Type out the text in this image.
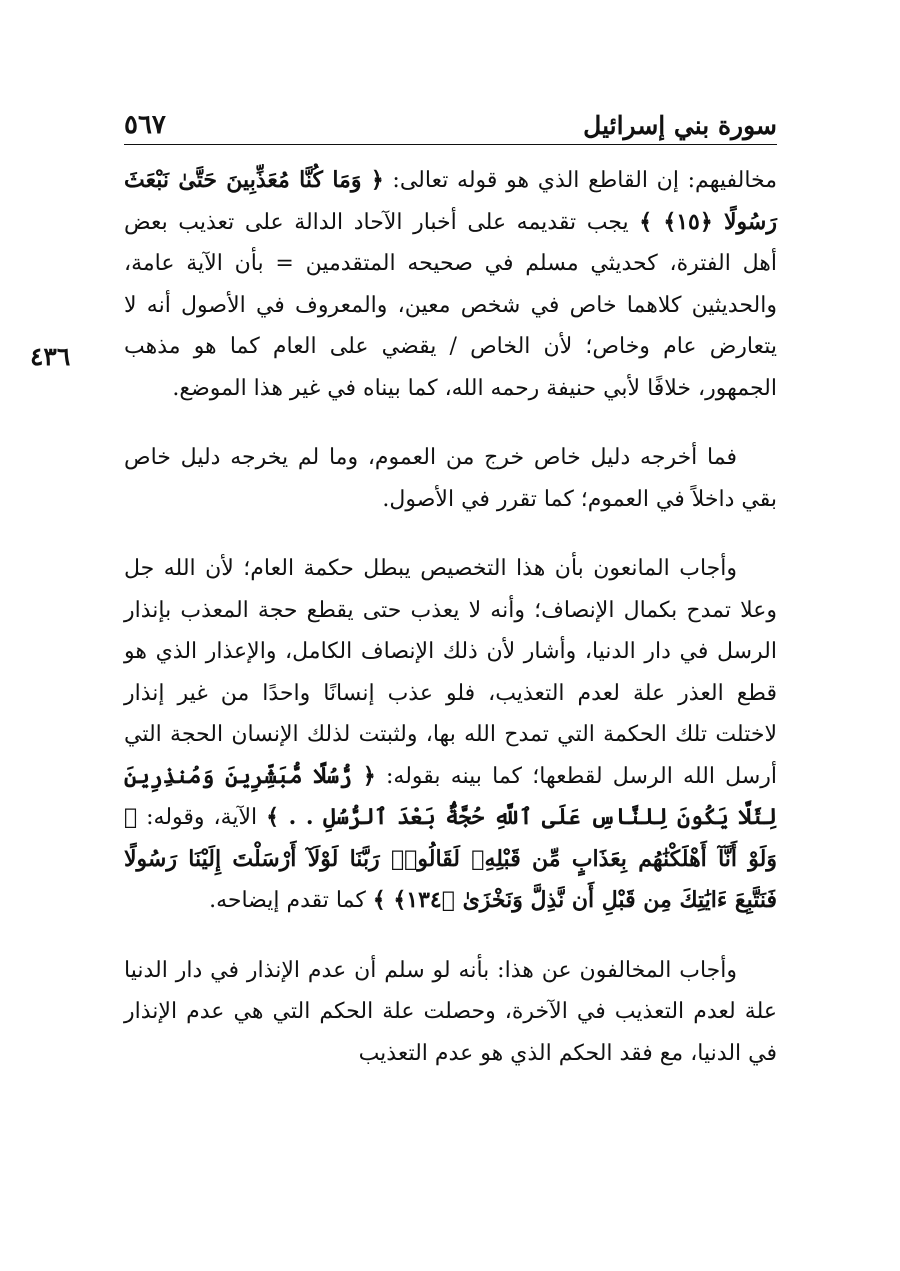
٥٦٧	سورة بني إسرائيل
٤٣٦

مخالفيهم: إن القاطع الذي هو قوله تعالى: ﴿ وَمَا كُنَّا مُعَذِّبِينَ حَتَّىٰ نَبْعَثَ رَسُولًا ﴿١٥﴾ ﴾ يجب تقديمه على أخبار الآحاد الدالة على تعذيب بعض أهل الفترة، كحديثي مسلم في صحيحه المتقدمين = بأن الآية عامة، والحديثين كلاهما خاص في شخص معين، والمعروف في الأصول أنه لا يتعارض عام وخاص؛ لأن الخاص / يقضي على العام كما هو مذهب الجمهور، خلافًا لأبي حنيفة رحمه الله، كما بيناه في غير هذا الموضع.

فما أخرجه دليل خاص خرج من العموم، وما لم يخرجه دليل خاص بقي داخلاً في العموم؛ كما تقرر في الأصول.

وأجاب المانعون بأن هذا التخصيص يبطل حكمة العام؛ لأن الله جل وعلا تمدح بكمال الإنصاف؛ وأنه لا يعذب حتى يقطع حجة المعذب بإنذار الرسل في دار الدنيا، وأشار لأن ذلك الإنصاف الكامل، والإعذار الذي هو قطع العذر علة لعدم التعذيب، فلو عذب إنسانًا واحدًا من غير إنذار لاختلت تلك الحكمة التي تمدح الله بها، ولثبتت لذلك الإنسان الحجة التي أرسل الله الرسل لقطعها؛ كما بينه بقوله: ﴿ رُّسُلًا مُّبَشِّرِينَ وَمُنذِرِينَ لِئَلَّا يَكُونَ لِلنَّاسِ عَلَى ٱللَّهِ حُجَّةٌۢ بَعْدَ ٱلرُّسُلِ . . ﴾ الآية، وقوله: ﴿ وَلَوْ أَنَّآ أَهْلَكْنَٰهُم بِعَذَابٍ مِّن قَبْلِهِۦ لَقَالُوا۟ رَبَّنَا لَوْلَآ أَرْسَلْتَ إِلَيْنَا رَسُولًا فَنَتَّبِعَ ءَايَٰتِكَ مِن قَبْلِ أَن نَّذِلَّ وَنَخْزَىٰ ﴿١٣٤﴾ ﴾ كما تقدم إيضاحه.

وأجاب المخالفون عن هذا: بأنه لو سلم أن عدم الإنذار في دار الدنيا علة لعدم التعذيب في الآخرة، وحصلت علة الحكم التي هي عدم الإنذار في الدنيا، مع فقد الحكم الذي هو عدم التعذيب
